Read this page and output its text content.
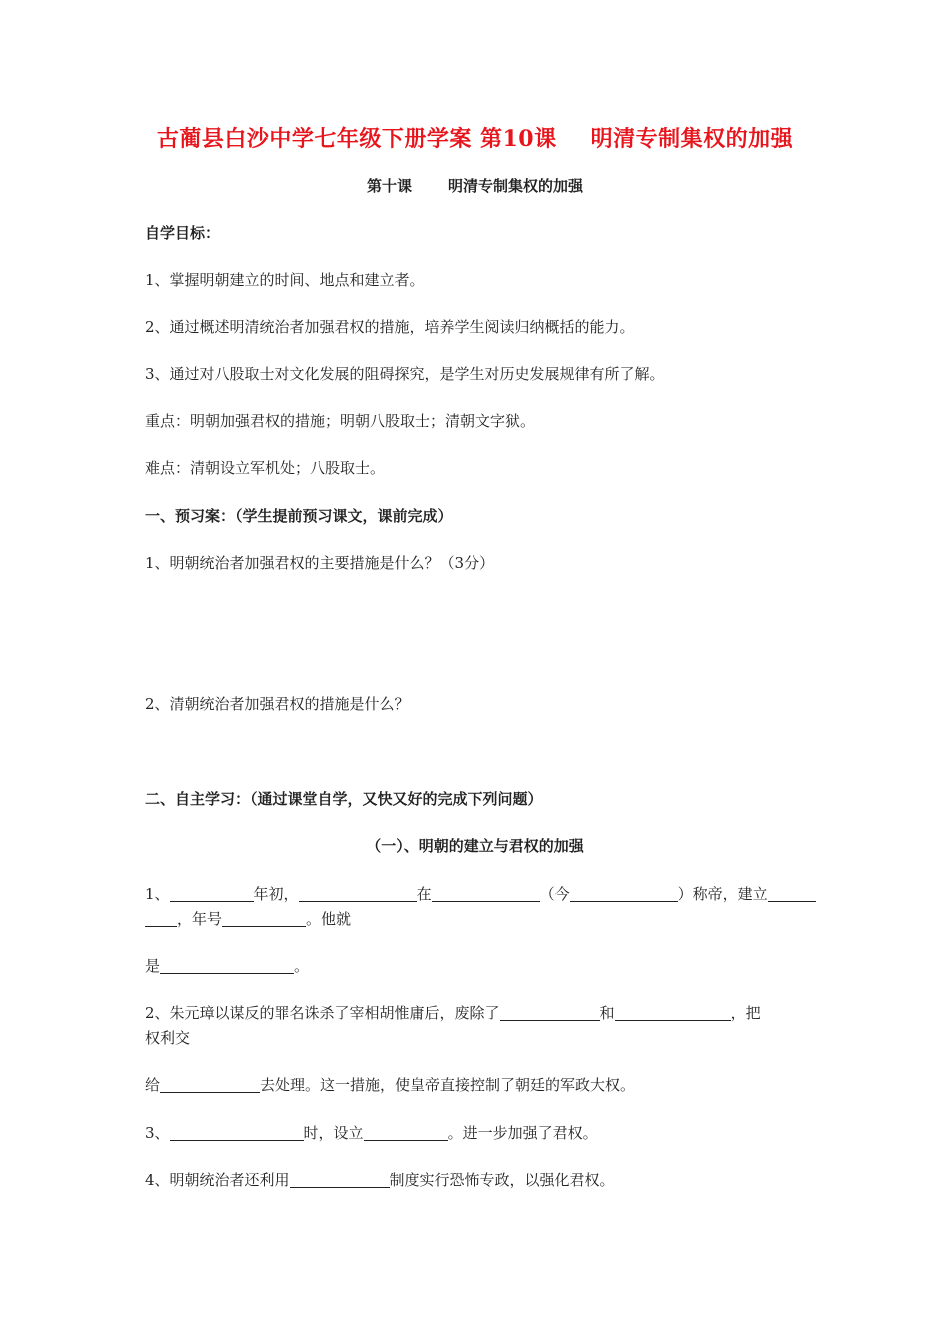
古蔺县白沙中学七年级下册学案 第10课 明清专制集权的加强
第十课 明清专制集权的加强
自学目标：
1、掌握明朝建立的时间、地点和建立者。
2、通过概述明清统治者加强君权的措施，培养学生阅读归纳概括的能力。
3、通过对八股取士对文化发展的阻碍探究，是学生对历史发展规律有所了解。
重点：明朝加强君权的措施；明朝八股取士；清朝文字狱。
难点：清朝设立军机处；八股取士。
一、预习案：（学生提前预习课文，课前完成）
1、明朝统治者加强君权的主要措施是什么？（3分）
2、清朝统治者加强君权的措施是什么？
二、自主学习：（通过课堂自学，又快又好的完成下列问题）
（一）、明朝的建立与君权的加强
1、	年初，	在	（今	）称帝，建立
，年号	。他就
是	。
2、朱元璋以谋反的罪名诛杀了宰相胡惟庸后，废除了	和	，把
权利交
给	去处理。这一措施，使皇帝直接控制了朝廷的军政大权。
3、	时，设立	。进一步加强了君权。
4、明朝统治者还利用	制度实行恐怖专政，以强化君权。
